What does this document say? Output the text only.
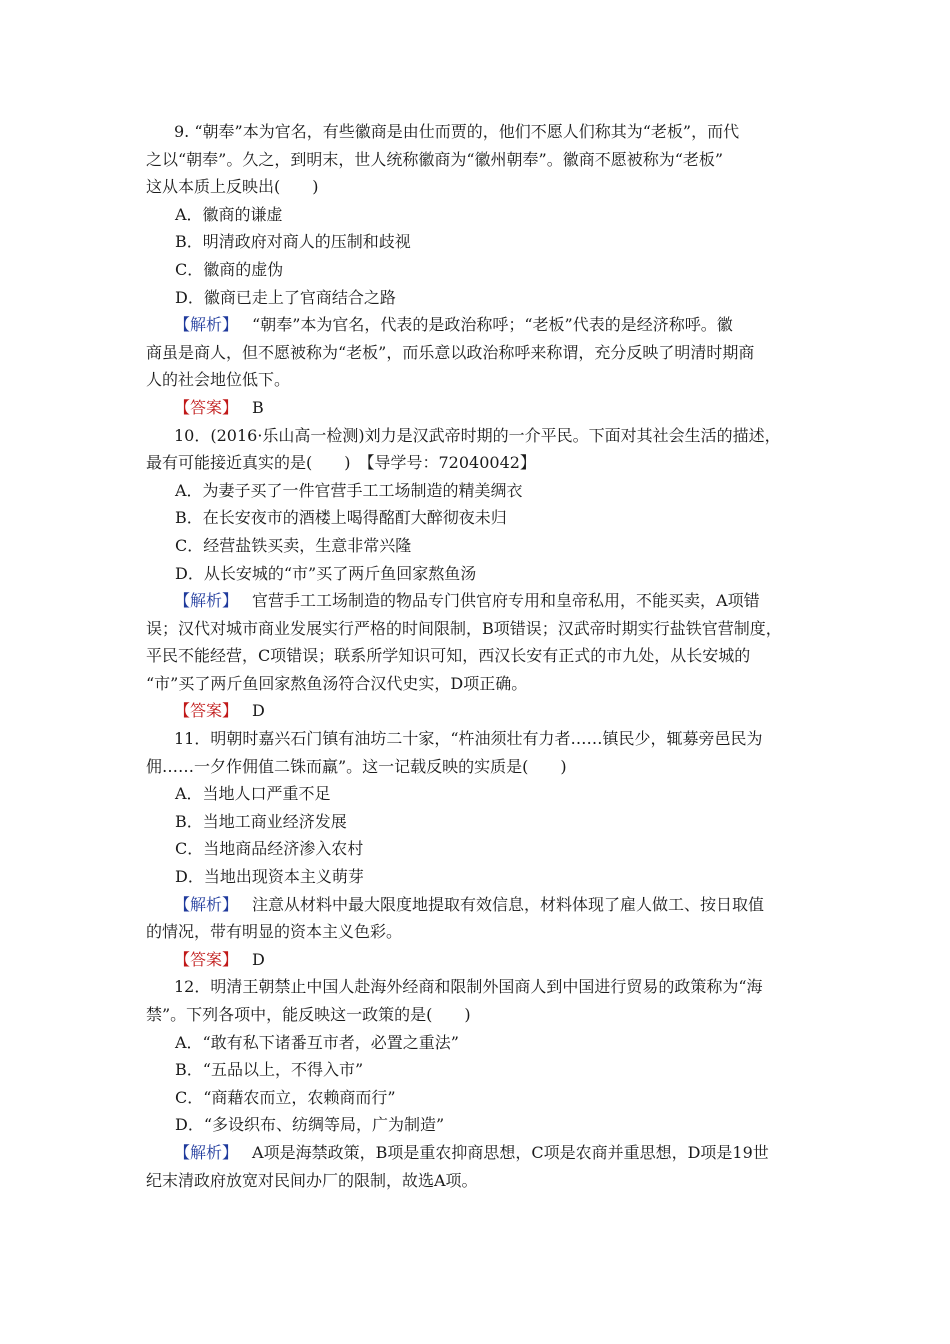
9. “朝奉”本为官名，有些徽商是由仕而贾的，他们不愿人们称其为“老板”，而代
之以“朝奉”。久之，到明末，世人统称徽商为“徽州朝奉”。徽商不愿被称为“老板”
这从本质上反映出(　　)
A．徽商的谦虚
B．明清政府对商人的压制和歧视
C．徽商的虚伪
D．徽商已走上了官商结合之路
【解析】 “朝奉”本为官名，代表的是政治称呼；“老板”代表的是经济称呼。徽
商虽是商人，但不愿被称为“老板”，而乐意以政治称呼来称谓，充分反映了明清时期商
人的社会地位低下。
【答案】 B
10．(2016·乐山高一检测)刘力是汉武帝时期的一介平民。下面对其社会生活的描述，
最有可能接近真实的是(　　)　【导学号：72040042】
A．为妻子买了一件官营手工工场制造的精美绸衣
B．在长安夜市的酒楼上喝得酩酊大醉彻夜未归
C．经营盐铁买卖，生意非常兴隆
D．从长安城的“市”买了两斤鱼回家熬鱼汤
【解析】 官营手工工场制造的物品专门供官府专用和皇帝私用，不能买卖，A项错
误；汉代对城市商业发展实行严格的时间限制，B项错误；汉武帝时期实行盐铁官营制度，
平民不能经营，C项错误；联系所学知识可知，西汉长安有正式的市九处，从长安城的
“市”买了两斤鱼回家熬鱼汤符合汉代史实，D项正确。
【答案】 D
11．明朝时嘉兴石门镇有油坊二十家，“杵油须壮有力者……镇民少，辄募旁邑民为
佣……一夕作佣值二铢而羸”。这一记载反映的实质是(　　)
A．当地人口严重不足
B．当地工商业经济发展
C．当地商品经济渗入农村
D．当地出现资本主义萌芽
【解析】 注意从材料中最大限度地提取有效信息，材料体现了雇人做工、按日取值
的情况，带有明显的资本主义色彩。
【答案】 D
12．明清王朝禁止中国人赴海外经商和限制外国商人到中国进行贸易的政策称为“海
禁”。下列各项中，能反映这一政策的是(　　)
A．“敢有私下诸番互市者，必置之重法”
B．“五品以上，不得入市”
C．“商藉农而立，农赖商而行”
D．“多设织布、纺绸等局，广为制造”
【解析】 A项是海禁政策，B项是重农抑商思想，C项是农商并重思想，D项是19世
纪末清政府放宽对民间办厂的限制，故选A项。
